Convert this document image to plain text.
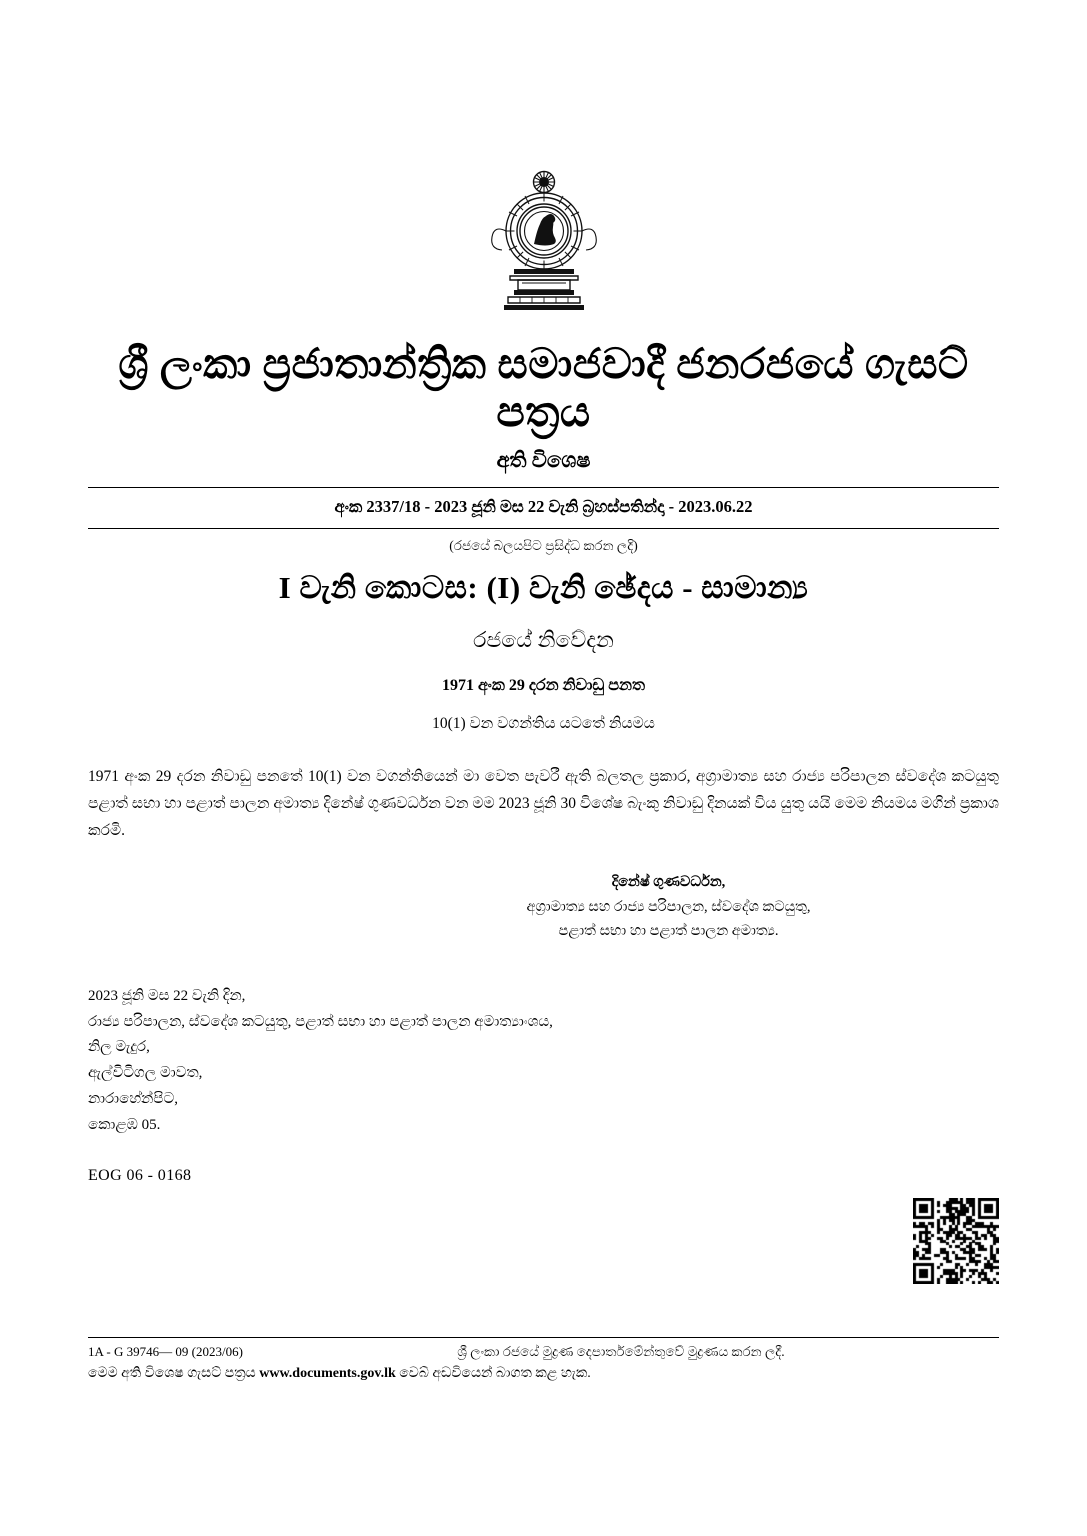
ශ්‍රී ලංකා ප්‍රජාතාන්ත්‍රික සමාජවාදී ජනරජයේ ගැසට් පත්‍රය
අති විශෙෂ
අංක 2337/18 - 2023 ජූනි මස 22 වැනි බ්‍රහස්පතින්දා - 2023.06.22
(රජයේ බලයපිට ප්‍රසිද්ධ කරන ලදි)
I වැනි කොටස: (I) වැනි ඡේදය - සාමාන්‍ය
රජයේ නිවේදන
1971 අංක 29 දරන නිවාඩු පනත
10(1) වන වගන්තිය යටතේ නියමය

1971 අංක 29 දරන නිවාඩු පනතේ 10(1) වන වගන්තියෙන් මා වෙත පැවරී ඇති බලතල ප්‍රකාර, අග්‍රාමාත්‍ය සහ රාජ්‍ය පරිපාලන ස්වදේශ කටයුතු පළාත් සභා හා පළාත් පාලන අමාත්‍ය දිනේෂ් ගුණවර්ධන වන මම 2023 ජූනි 30 විශේෂ බැංකු නිවාඩු දිනයක් විය යුතු යයි මෙම නියමය මගින් ප්‍රකාශ කරමි.

දිනේෂ් ගුණවර්ධන,
අග්‍රාමාත්‍ය සහ රාජ්‍ය පරිපාලන, ස්වදේශ කටයුතු,
පළාත් සභා හා පළාත් පාලන අමාත්‍ය.
2023 ජූනි මස 22 වැනි දින,
රාජ්‍ය පරිපාලන, ස්වදේශ කටයුතු, පළාත් සභා හා පළාත් පාලන අමාත්‍යාංශය,
නිල මැදුර,
ඇල්විටිගල මාවත,
නාරාහේන්පිට,
කොළඹ 05.
EOG 06 - 0168
1A - G 39746— 09 (2023/06)	ශ්‍රී ලංකා රජයේ මුද්‍රණ දෙපාර්තමේන්තුවේ මුද්‍රණය කරන ලදී.
මෙම අති විශෙෂ ගැසට් පත්‍රය www.documents.gov.lk වෙබ් අඩවියෙන් බාගත කළ හැක.
